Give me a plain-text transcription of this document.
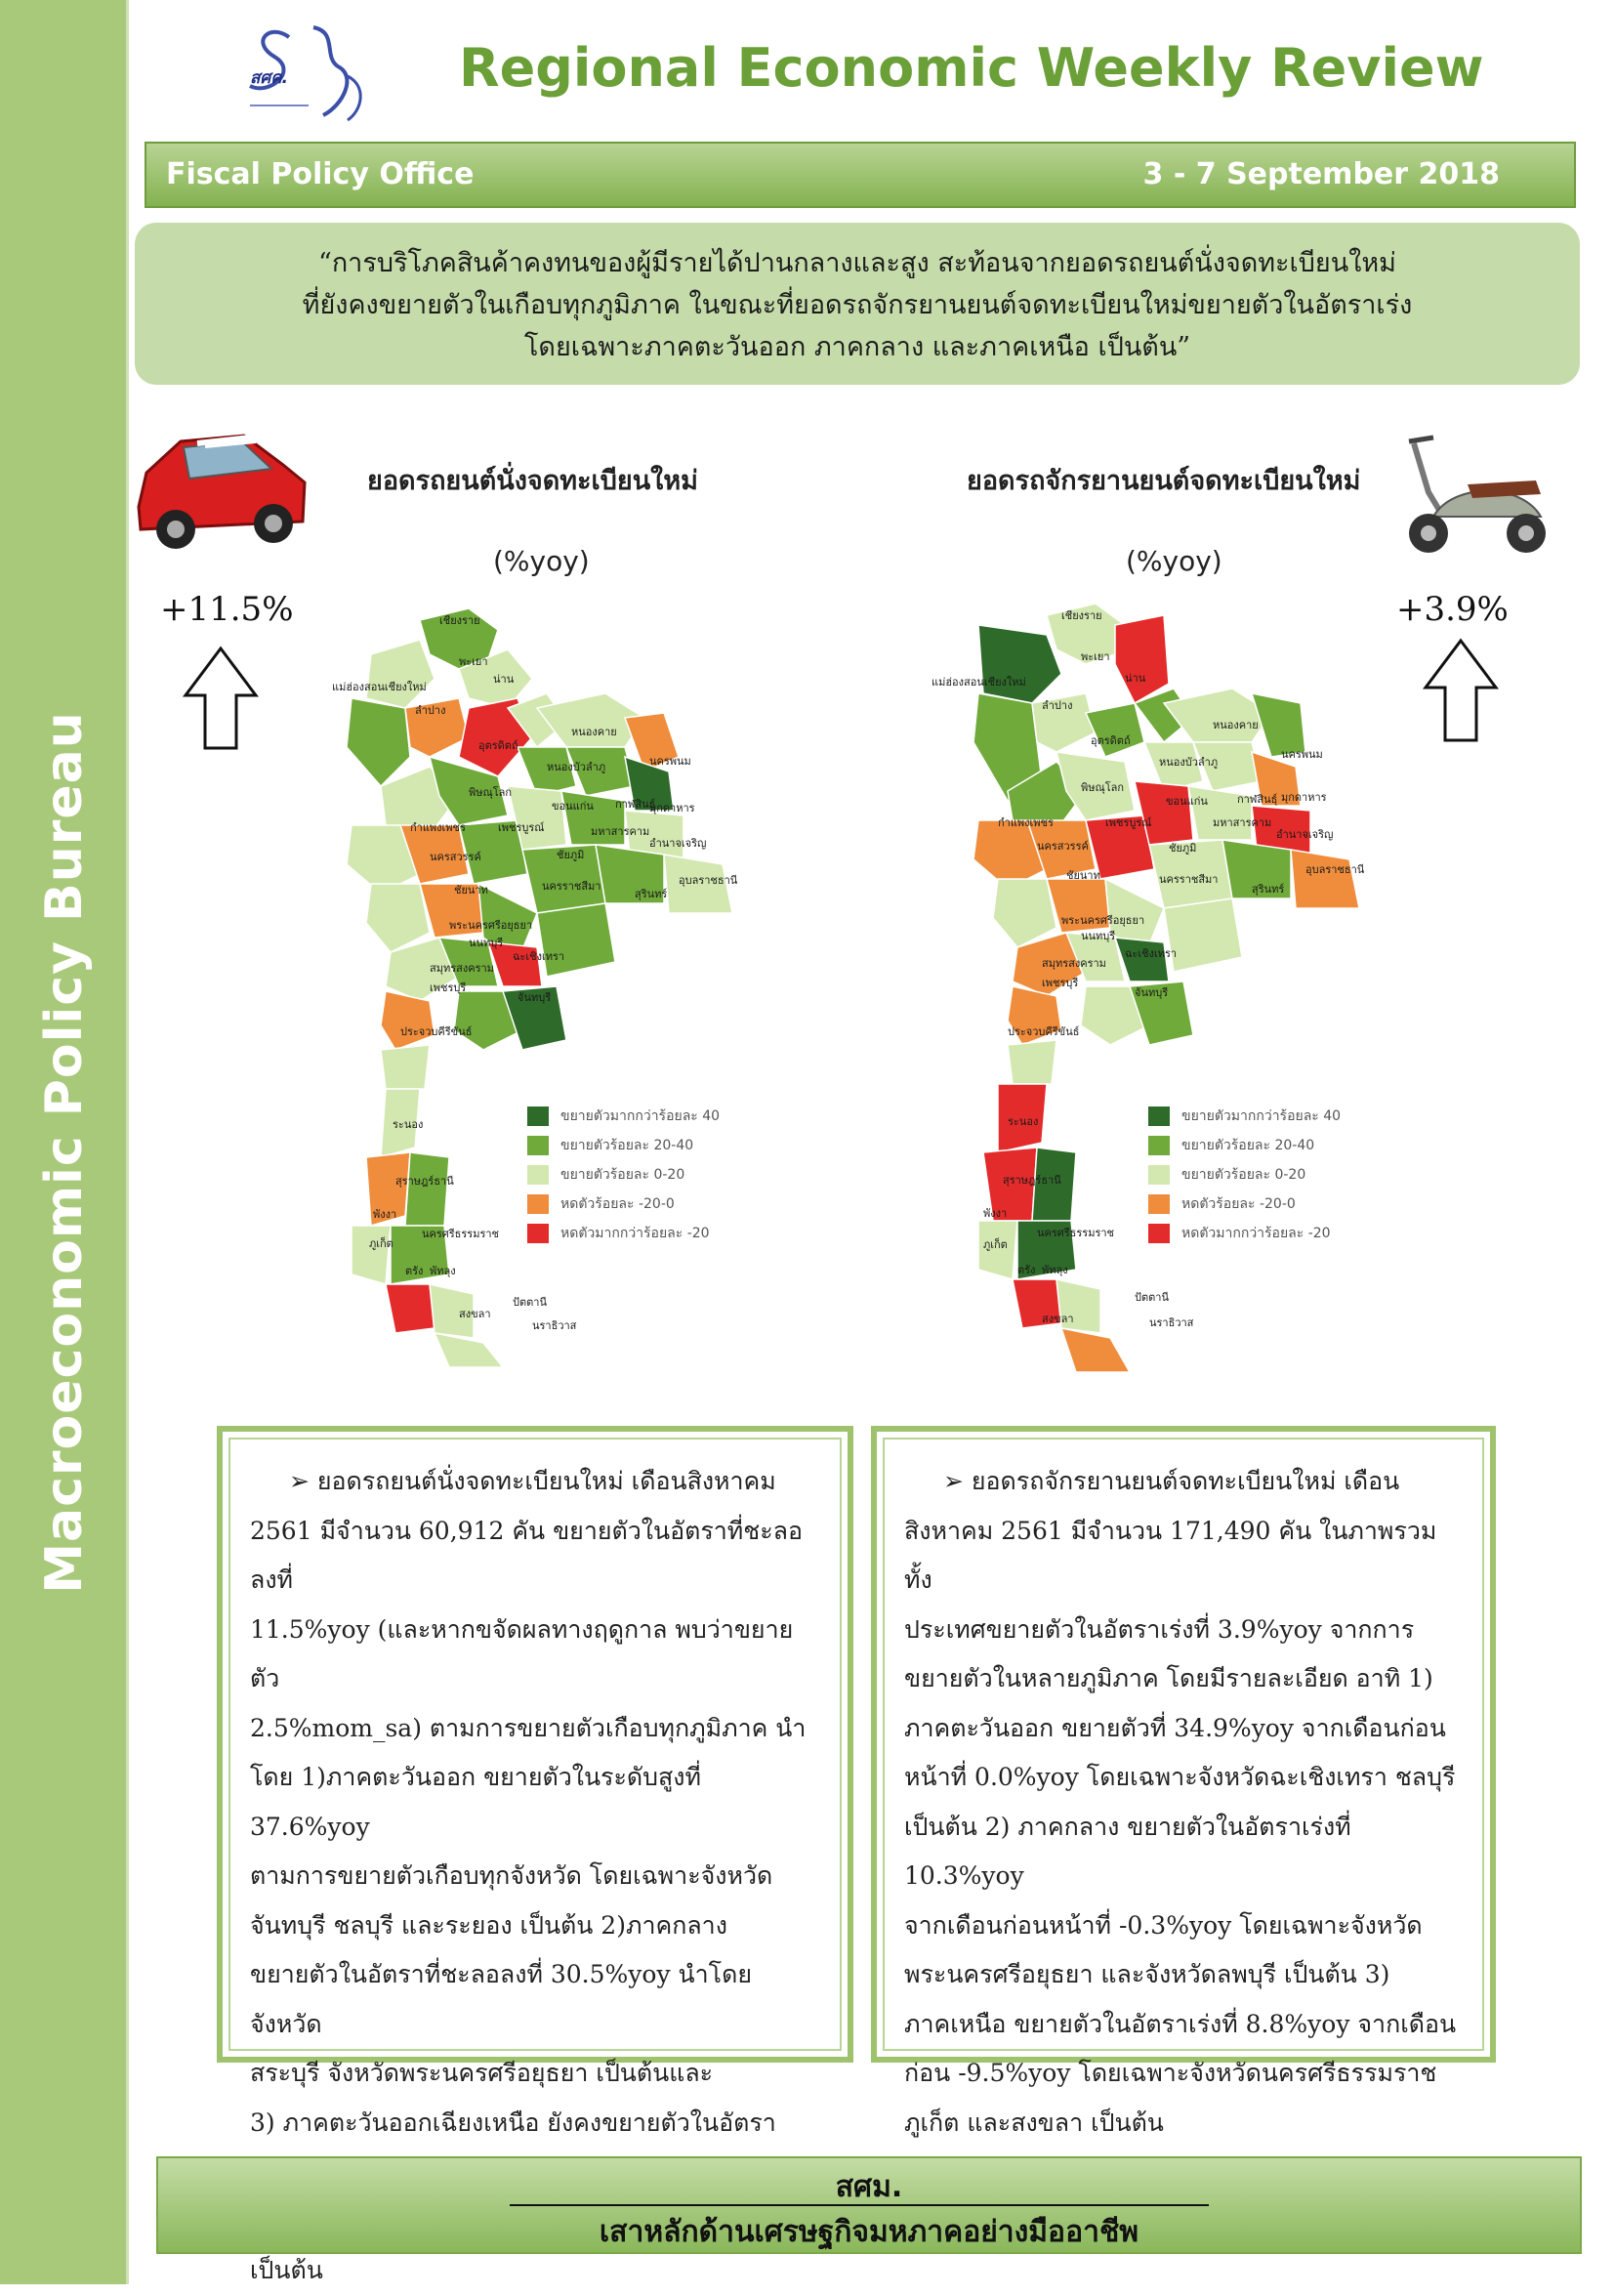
Macroeconomic Policy Bureau
สศค.	Regional Economic Weekly Review
Fiscal Policy Office	3 - 7 September 2018
“การบริโภคสินค้าคงทนของผู้มีรายได้ปานกลางและสูง สะท้อนจากยอดรถยนต์นั่งจดทะเบียนใหม่
ที่ยังคงขยายตัวในเกือบทุกภูมิภาค ในขณะที่ยอดรถจักรยานยนต์จดทะเบียนใหม่ขยายตัวในอัตราเร่ง
โดยเฉพาะภาคตะวันออก ภาคกลาง และภาคเหนือ เป็นต้น”
ยอดรถยนต์นั่งจดทะเบียนใหม่	ยอดรถจักรยานยนต์จดทะเบียนใหม่
(%yoy)	(%yoy)
+11.5%	+3.9%
เชียงราย
พะเยา
แม่ฮ่องสอนเชียงใหม่
น่าน
ลำปาง
อุตรดิตถ์
หนองคาย
หนองบัวลำภู	นครพนม
พิษณุโลก
กาฬสินธุ์
มุกดาหาร
ขอนแก่น
กำแพงเพชร	เพชรบูรณ์	มหาสารคาม
อำนาจเจริญ
นครสวรรค์	ชัยภูมิ
ชัยนาท	นครราชสีมา
สุรินทร์
อุบลราชธานี
พระนครศรีอยุธยา
นนทบุรี
ฉะเชิงเทรา
สมุทรสงคราม
เพชรบุรี
จันทบุรี
ประจวบคีรีขันธ์
ระนอง
สุราษฎร์ธานี
พังงา
นครศรีธรรมราช
ภูเก็ต
ตรัง พัทลุง
สงขลา
ปัตตานี
นราธิวาส
เชียงราย
พะเยา
แม่ฮ่องสอนเชียงใหม่	น่าน
ลำปาง
อุตรดิตถ์
หนองคาย
หนองบัวลำภู
นครพนม
พิษณุโลก
กาฬสินธุ์ มุกดาหาร
ขอนแก่น
กำแพงเพชร	เพชรบูรณ์	มหาสารคาม
อำนาจเจริญ
นครสวรรค์	ชัยภูมิ
ชัยนาท	นครราชสีมา
สุรินทร์
อุบลราชธานี
พระนครศรีอยุธยา
นนทบุรี
ฉะเชิงเทรา
สมุทรสงคราม
เพชรบุรี
จันทบุรี
ประจวบคีรีขันธ์
ระนอง
สุราษฎร์ธานี
พังงา
นครศรีธรรมราช
ภูเก็ต
ตรัง พัทลุง
สงขลา
ปัตตานี
นราธิวาส
ขยายตัวมากกว่าร้อยละ 40
ขยายตัวร้อยละ 20-40
ขยายตัวร้อยละ 0-20
หดตัวร้อยละ -20-0
หดตัวมากกว่าร้อยละ -20
ขยายตัวมากกว่าร้อยละ 40
ขยายตัวร้อยละ 20-40
ขยายตัวร้อยละ 0-20
หดตัวร้อยละ -20-0
หดตัวมากกว่าร้อยละ -20

➢ ยอดรถยนต์นั่งจดทะเบียนใหม่ เดือนสิงหาคม

2561 มีจำนวน 60,912 คัน ขยายตัวในอัตราที่ชะลอลงที่

11.5%yoy (และหากขจัดผลทางฤดูกาล พบว่าขยายตัว

2.5%mom_sa) ตามการขยายตัวเกือบทุกภูมิภาค นำ

โดย 1)ภาคตะวันออก ขยายตัวในระดับสูงที่ 37.6%yoy

ตามการขยายตัวเกือบทุกจังหวัด โดยเฉพาะจังหวัด

จันทบุรี ชลบุรี และระยอง เป็นต้น 2)ภาคกลาง

ขยายตัวในอัตราที่ชะลอลงที่ 30.5%yoy นำโดยจังหวัด

สระบุรี จังหวัดพระนครศรีอยุธยา เป็นต้นและ

3) ภาคตะวันออกเฉียงเหนือ ยังคงขยายตัวในอัตรา

เป็นต้น

➢ ยอดรถจักรยานยนต์จดทะเบียนใหม่ เดือน

สิงหาคม 2561 มีจำนวน 171,490 คัน ในภาพรวมทั้ง

ประเทศขยายตัวในอัตราเร่งที่ 3.9%yoy จากการ

ขยายตัวในหลายภูมิภาค โดยมีรายละเอียด อาทิ 1)

ภาคตะวันออก ขยายตัวที่ 34.9%yoy จากเดือนก่อน

หน้าที่ 0.0%yoy โดยเฉพาะจังหวัดฉะเชิงเทรา ชลบุรี

เป็นต้น 2) ภาคกลาง ขยายตัวในอัตราเร่งที่ 10.3%yoy

จากเดือนก่อนหน้าที่ -0.3%yoy โดยเฉพาะจังหวัด

พระนครศรีอยุธยา และจังหวัดลพบุรี เป็นต้น 3)

ภาคเหนือ ขยายตัวในอัตราเร่งที่ 8.8%yoy จากเดือน

ก่อน -9.5%yoy โดยเฉพาะจังหวัดนครศรีธรรมราช

ภูเก็ต และสงขลา เป็นต้น

สศม.
เสาหลักด้านเศรษฐกิจมหภาคอย่างมืออาชีพ
